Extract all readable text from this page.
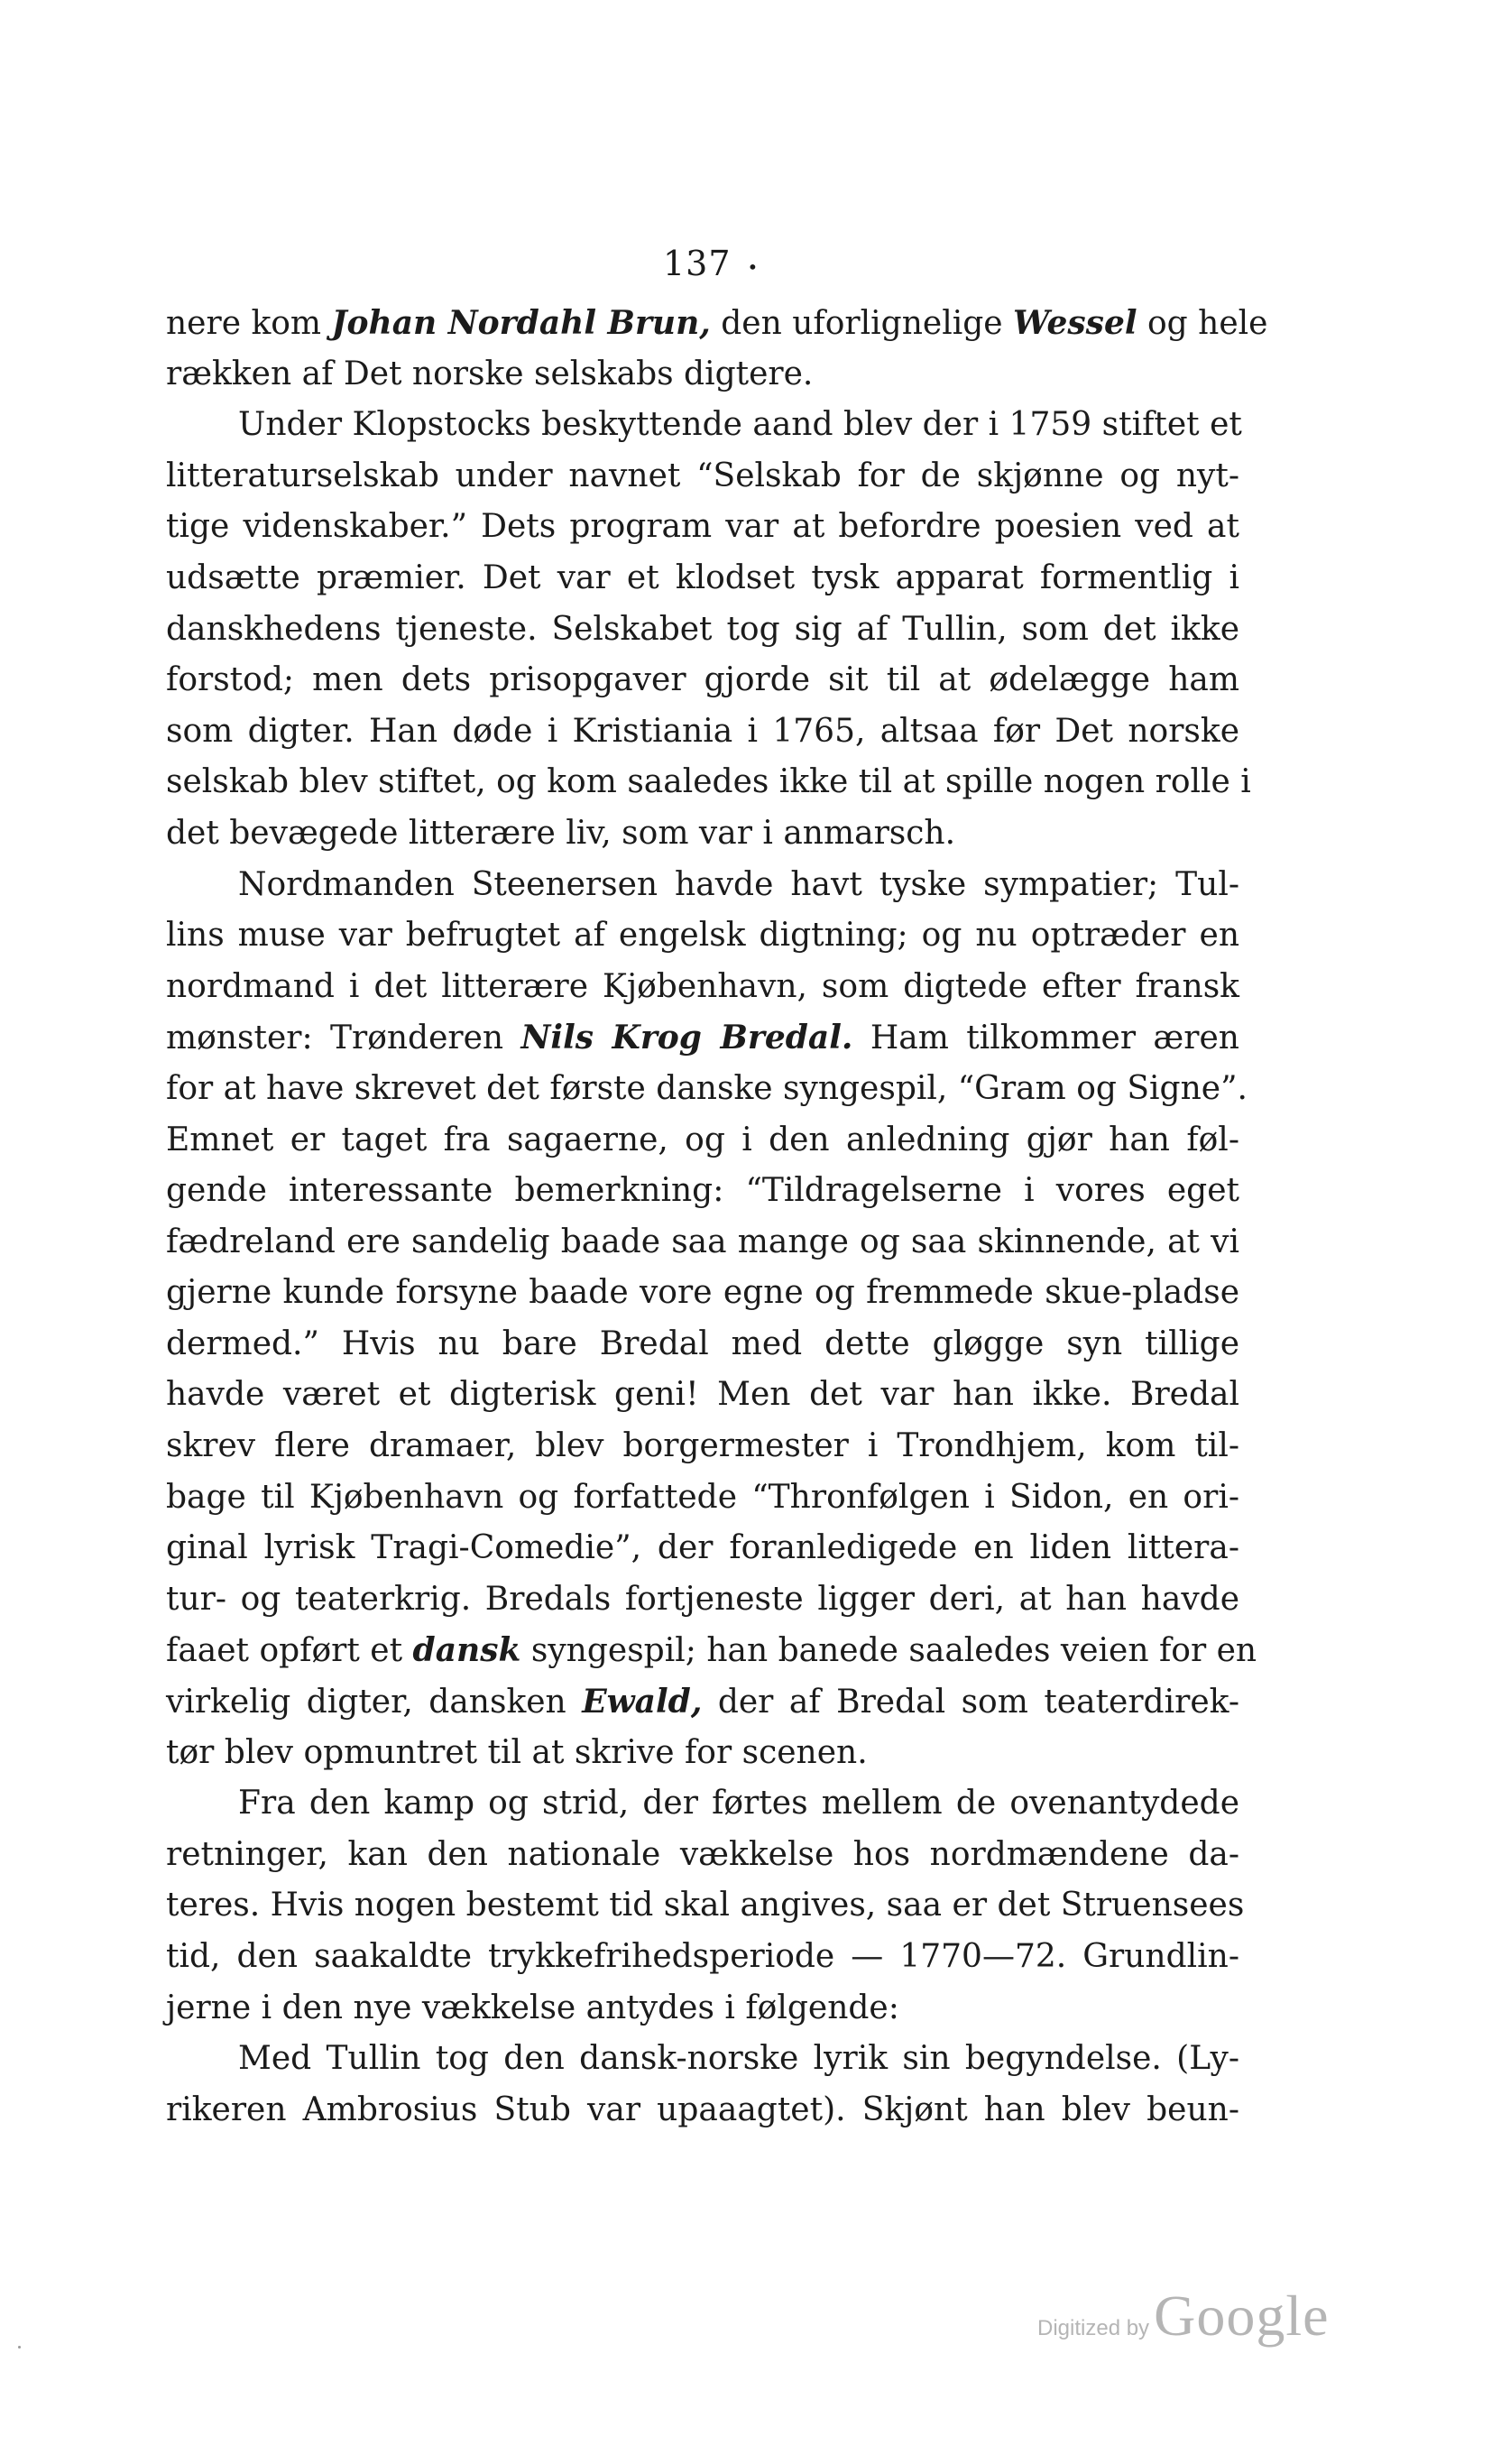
137 •
nere kom Johan Nordahl Brun, den uforlignelige Wessel og hele
rækken af Det norske selskabs digtere.
Under Klopstocks beskyttende aand blev der i 1759 stiftet et
litteraturselskab under navnet “Selskab for de skjønne og nyt-
tige videnskaber.” Dets program var at befordre poesien ved at
udsætte præmier. Det var et klodset tysk apparat formentlig i
danskhedens tjeneste. Selskabet tog sig af Tullin, som det ikke
forstod; men dets prisopgaver gjorde sit til at ødelægge ham
som digter. Han døde i Kristiania i 1765, altsaa før Det norske
selskab blev stiftet, og kom saaledes ikke til at spille nogen rolle i
det bevægede litterære liv, som var i anmarsch.
Nordmanden Steenersen havde havt tyske sympatier; Tul-
lins muse var befrugtet af engelsk digtning; og nu optræder en
nordmand i det litterære Kjøbenhavn, som digtede efter fransk
mønster: Trønderen Nils Krog Bredal. Ham tilkommer æren
for at have skrevet det første danske syngespil, “Gram og Signe”.
Emnet er taget fra sagaerne, og i den anledning gjør han føl-
gende interessante bemerkning: “Tildragelserne i vores eget
fædreland ere sandelig baade saa mange og saa skinnende, at vi
gjerne kunde forsyne baade vore egne og fremmede skue-pladse
dermed.” Hvis nu bare Bredal med dette gløgge syn tillige
havde været et digterisk geni! Men det var han ikke. Bredal
skrev flere dramaer, blev borgermester i Trondhjem, kom til-
bage til Kjøbenhavn og forfattede “Thronfølgen i Sidon, en ori-
ginal lyrisk Tragi-Comedie”, der foranledigede en liden littera-
tur- og teaterkrig. Bredals fortjeneste ligger deri, at han havde
faaet opført et dansk syngespil; han banede saaledes veien for en
virkelig digter, dansken Ewald, der af Bredal som teaterdirek-
tør blev opmuntret til at skrive for scenen.
Fra den kamp og strid, der førtes mellem de ovenantydede
retninger, kan den nationale vækkelse hos nordmændene da-
teres. Hvis nogen bestemt tid skal angives, saa er det Struensees
tid, den saakaldte trykkefrihedsperiode — 1770—72. Grundlin-
jerne i den nye vækkelse antydes i følgende:
Med Tullin tog den dansk-norske lyrik sin begyndelse. (Ly-
rikeren Ambrosius Stub var upaaagtet). Skjønt han blev beun-
Digitized by Google
